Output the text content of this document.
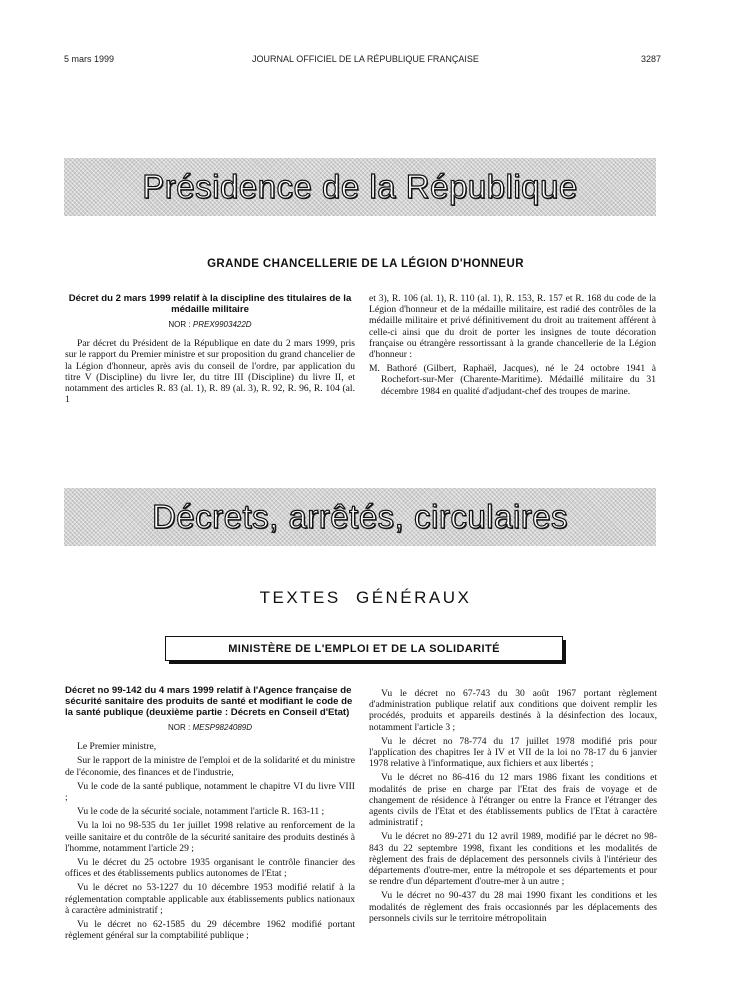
5 mars 1999	JOURNAL OFFICIEL DE LA RÉPUBLIQUE FRANÇAISE	3287
Présidence de la République
GRANDE CHANCELLERIE DE LA LÉGION D'HONNEUR
Décret du 2 mars 1999 relatif à la discipline des titulaires de la médaille militaire
NOR : PREX9903422D

Par décret du Président de la République en date du 2 mars 1999, pris sur le rapport du Premier ministre et sur proposition du grand chancelier de la Légion d'honneur, après avis du conseil de l'ordre, par application du titre V (Discipline) du livre Ier, du titre III (Discipline) du livre II, et notamment des articles R. 83 (al. 1), R. 89 (al. 3), R. 92, R. 96, R. 104 (al. 1

et 3), R. 106 (al. 1), R. 110 (al. 1), R. 153, R. 157 et R. 168 du code de la Légion d'honneur et de la médaille militaire, est radié des contrôles de la médaille militaire et privé définitivement du droit au traitement afférent à celle-ci ainsi que du droit de porter les insignes de toute décoration française ou étrangère ressortissant à la grande chancellerie de la Légion d'honneur :

M. Bathoré (Gilbert, Raphaël, Jacques), né le 24 octobre 1941 à Rochefort-sur-Mer (Charente-Maritime). Médaillé militaire du 31 décembre 1984 en qualité d'adjudant-chef des troupes de marine.

Décrets, arrêtés, circulaires
TEXTES GÉNÉRAUX
MINISTÈRE DE L'EMPLOI ET DE LA SOLIDARITÉ
Décret no 99-142 du 4 mars 1999 relatif à l'Agence française de sécurité sanitaire des produits de santé et modifiant le code de la santé publique (deuxième partie : Décrets en Conseil d'Etat)
NOR : MESP9824089D

Le Premier ministre,

Sur le rapport de la ministre de l'emploi et de la solidarité et du ministre de l'économie, des finances et de l'industrie,

Vu le code de la santé publique, notamment le chapitre VI du livre VIII ;

Vu le code de la sécurité sociale, notamment l'article R. 163-11 ;

Vu la loi no 98-535 du 1er juillet 1998 relative au renforcement de la veille sanitaire et du contrôle de la sécurité sanitaire des produits destinés à l'homme, notamment l'article 29 ;

Vu le décret du 25 octobre 1935 organisant le contrôle financier des offices et des établissements publics autonomes de l'Etat ;

Vu le décret no 53-1227 du 10 décembre 1953 modifié relatif à la réglementation comptable applicable aux établissements publics nationaux à caractère administratif ;

Vu le décret no 62-1585 du 29 décembre 1962 modifié portant règlement général sur la comptabilité publique ;

Vu le décret no 67-743 du 30 août 1967 portant règlement d'administration publique relatif aux conditions que doivent remplir les procédés, produits et appareils destinés à la désinfection des locaux, notamment l'article 3 ;

Vu le décret no 78-774 du 17 juillet 1978 modifié pris pour l'application des chapitres Ier à IV et VII de la loi no 78-17 du 6 janvier 1978 relative à l'informatique, aux fichiers et aux libertés ;

Vu le décret no 86-416 du 12 mars 1986 fixant les conditions et modalités de prise en charge par l'Etat des frais de voyage et de changement de résidence à l'étranger ou entre la France et l'étranger des agents civils de l'Etat et des établissements publics de l'Etat à caractère administratif ;

Vu le décret no 89-271 du 12 avril 1989, modifié par le décret no 98-843 du 22 septembre 1998, fixant les conditions et les modalités de règlement des frais de déplacement des personnels civils à l'intérieur des départements d'outre-mer, entre la métropole et ses départements et pour se rendre d'un département d'outre-mer à un autre ;

Vu le décret no 90-437 du 28 mai 1990 fixant les conditions et les modalités de règlement des frais occasionnés par les déplacements des personnels civils sur le territoire métropolitain
